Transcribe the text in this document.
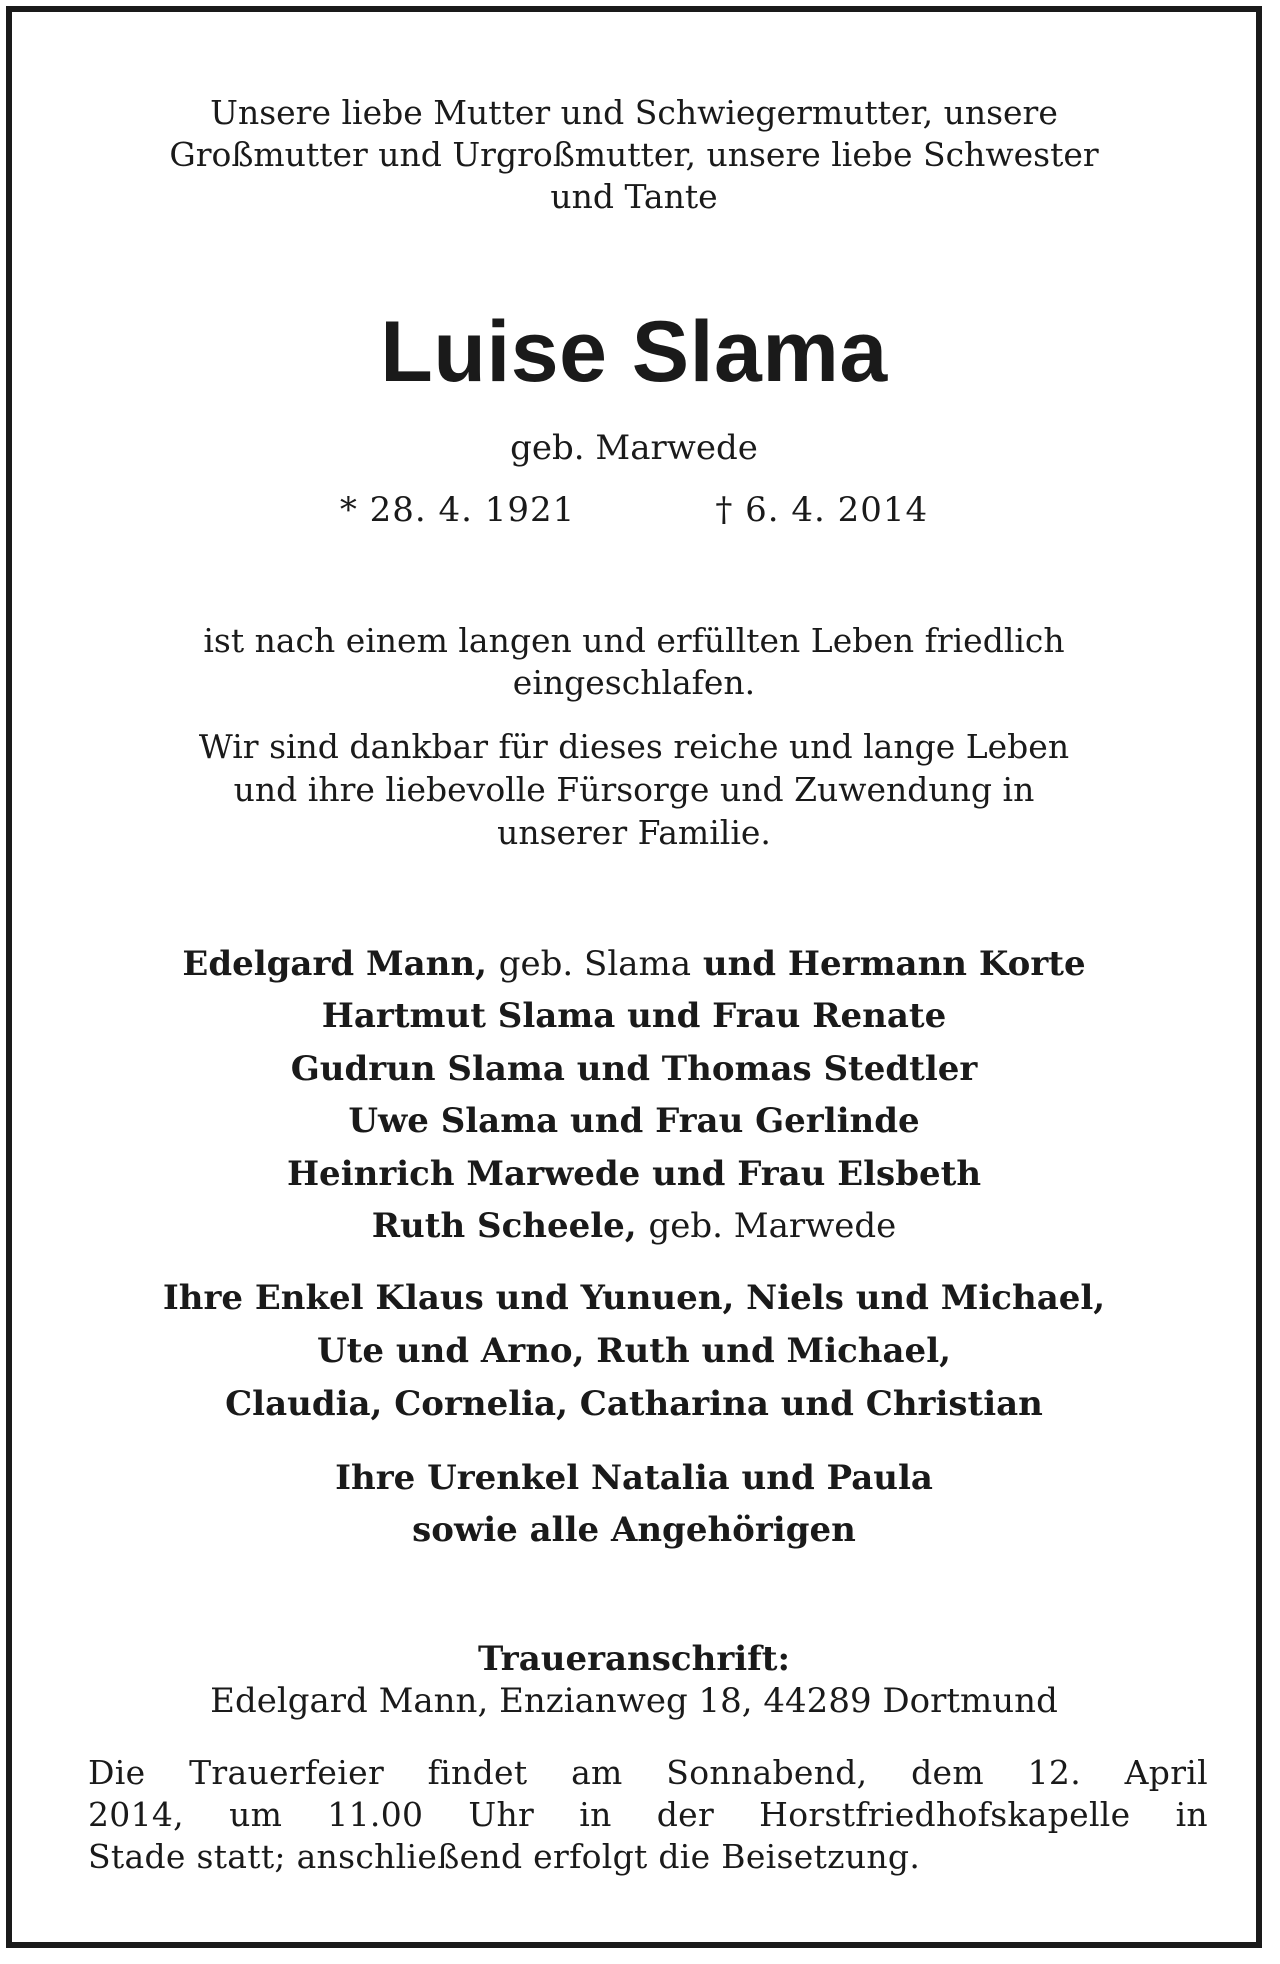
Unsere liebe Mutter und Schwiegermutter, unsere
Großmutter und Urgroßmutter, unsere liebe Schwester
und Tante
Luise Slama
geb. Marwede
* 28. 4. 1921	† 6. 4. 2014
ist nach einem langen und erfüllten Leben friedlich
eingeschlafen.
Wir sind dankbar für dieses reiche und lange Leben
und ihre liebevolle Fürsorge und Zuwendung in
unserer Familie.
Edelgard Mann, geb. Slama und Hermann Korte
Hartmut Slama und Frau Renate
Gudrun Slama und Thomas Stedtler
Uwe Slama und Frau Gerlinde
Heinrich Marwede und Frau Elsbeth
Ruth Scheele, geb. Marwede
Ihre Enkel Klaus und Yunuen, Niels und Michael,
Ute und Arno, Ruth und Michael,
Claudia, Cornelia, Catharina und Christian
Ihre Urenkel Natalia und Paula
sowie alle Angehörigen
Traueranschrift:
Edelgard Mann, Enzianweg 18, 44289 Dortmund
Die Trauerfeier findet am Sonnabend, dem 12. April
2014, um 11.00 Uhr in der Horstfriedhofskapelle in
Stade statt; anschließend erfolgt die Beisetzung.
